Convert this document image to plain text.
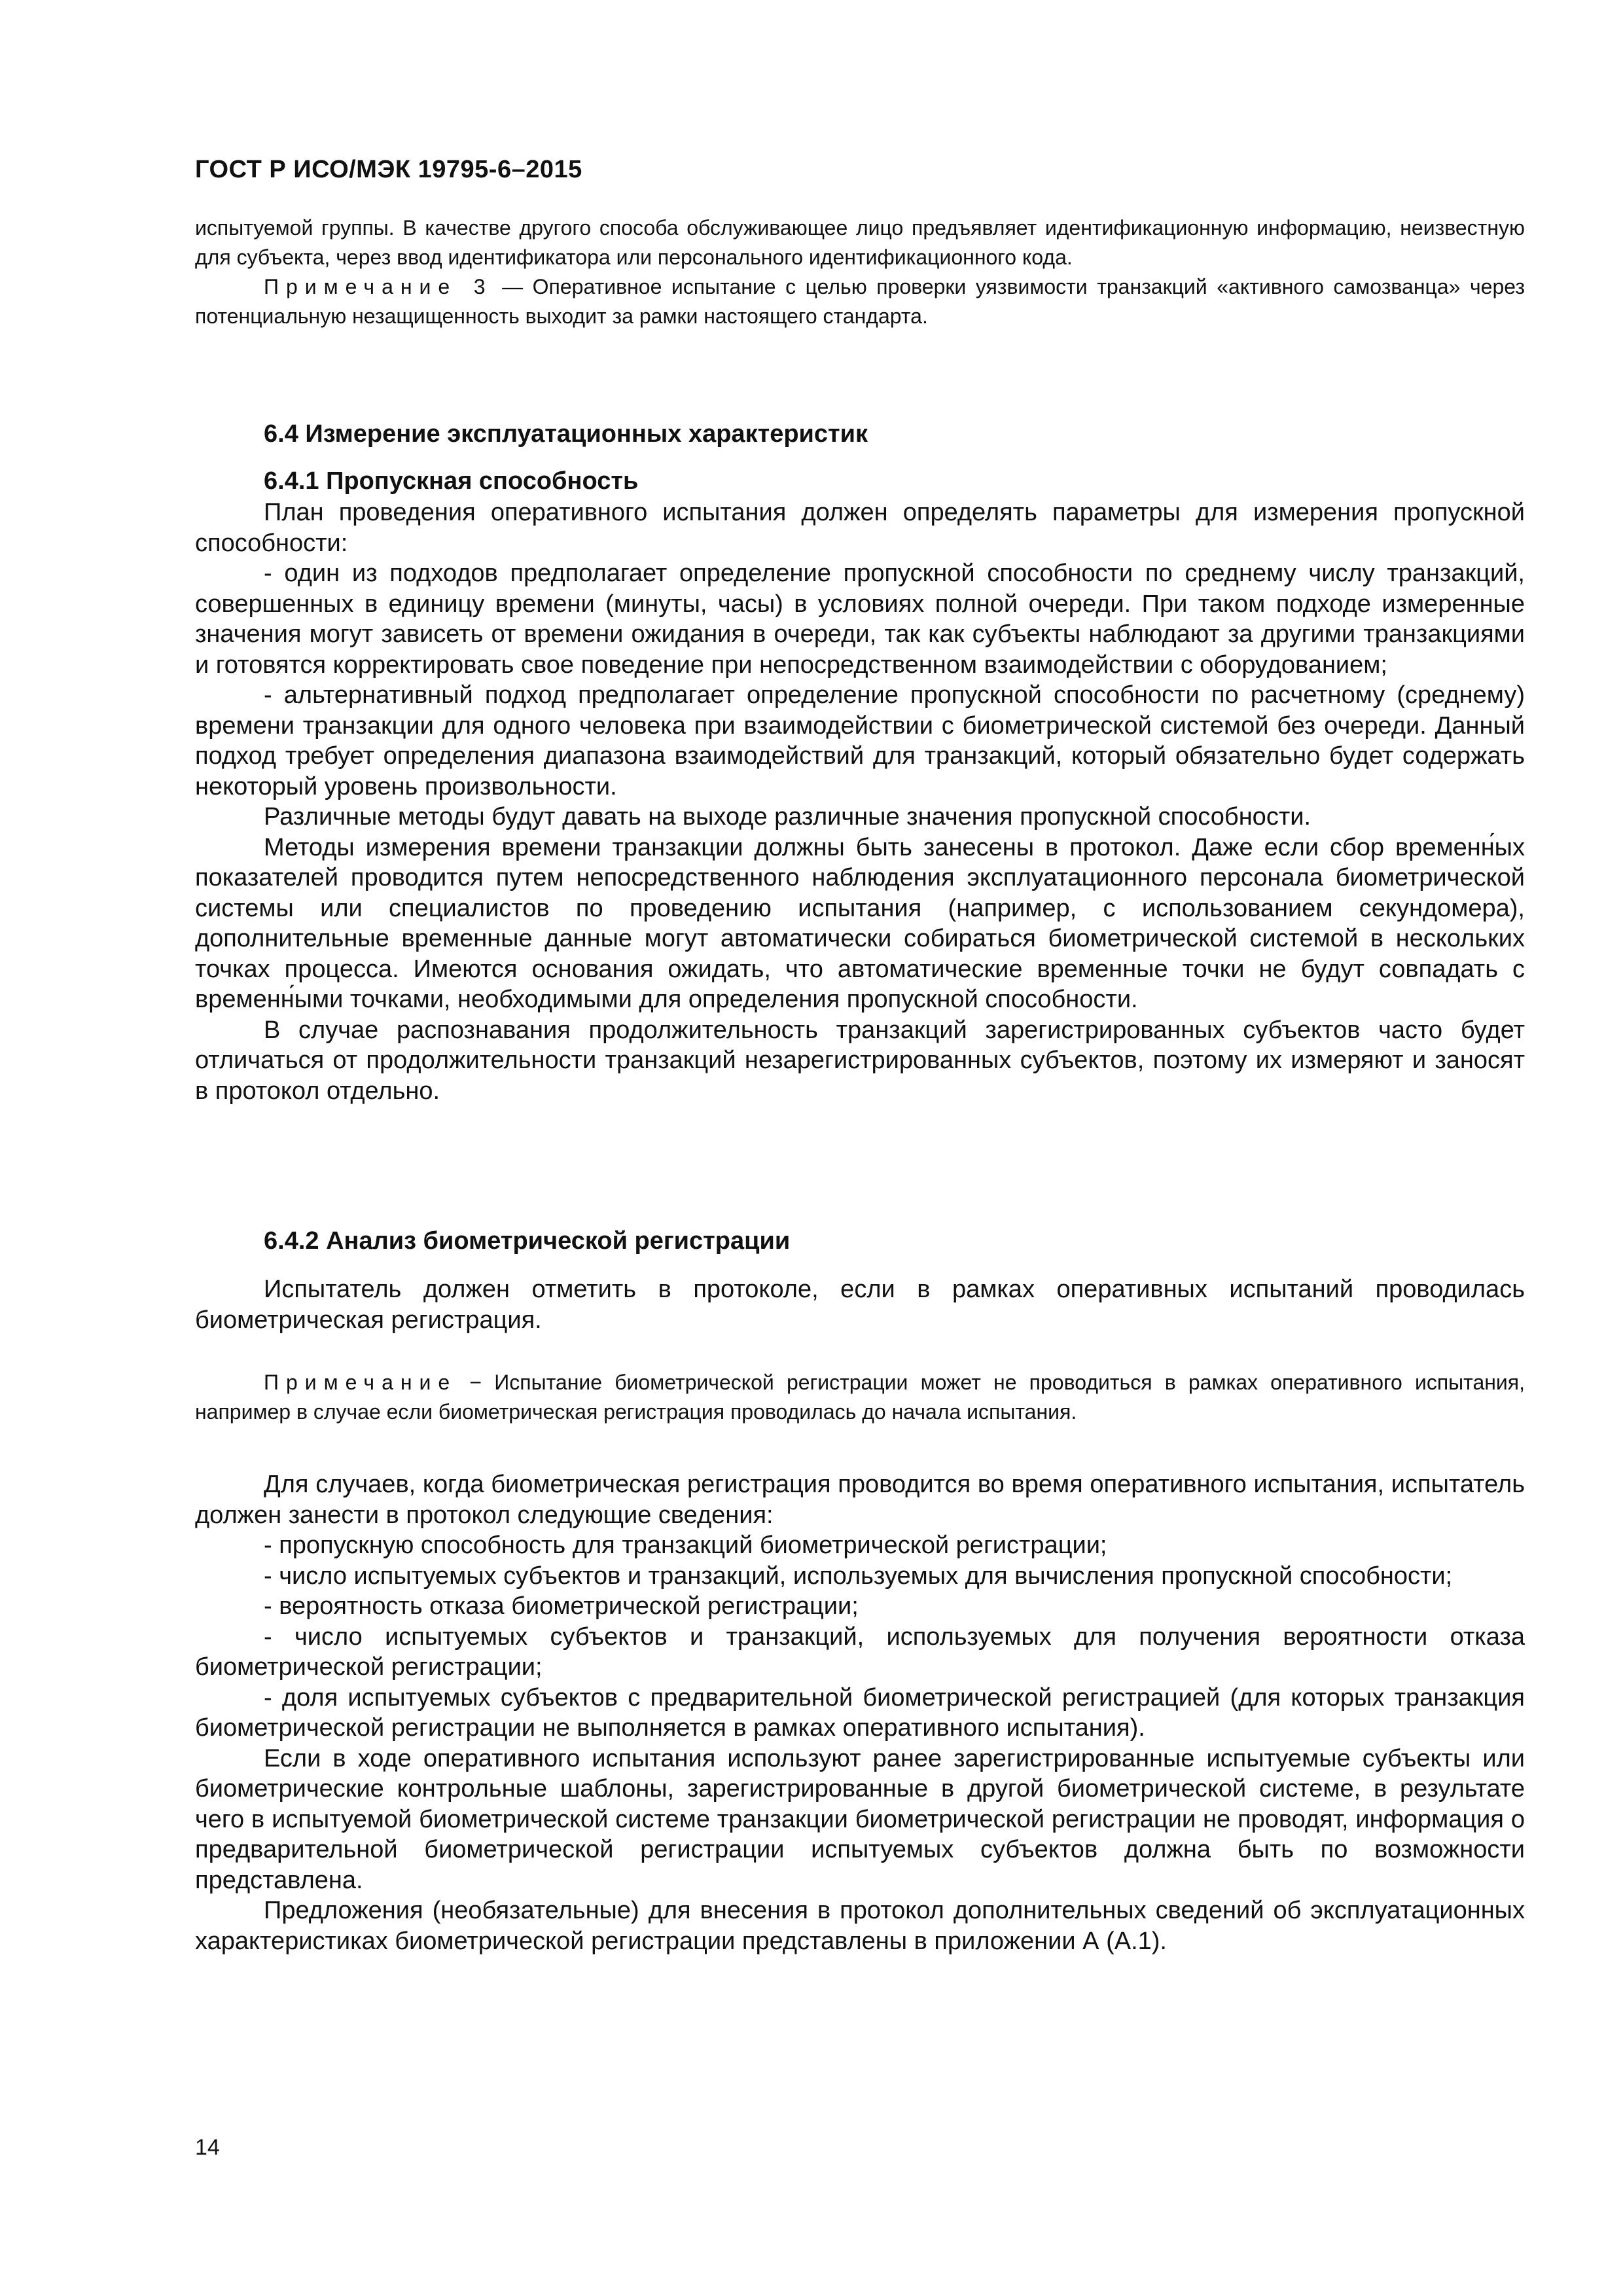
ГОСТ Р ИСО/МЭК 19795-6–2015

испытуемой группы. В качестве другого способа обслуживающее лицо предъявляет идентификационную информацию, неизвестную для субъекта, через ввод идентификатора или персонального идентификационного кода.

Примечание 3 — Оперативное испытание с целью проверки уязвимости транзакций «активного самозванца» через потенциальную незащищенность выходит за рамки настоящего стандарта.

6.4 Измерение эксплуатационных характеристик
6.4.1 Пропускная способность

План проведения оперативного испытания должен определять параметры для измерения пропускной способности:

- один из подходов предполагает определение пропускной способности по среднему числу транзакций, совершенных в единицу времени (минуты, часы) в условиях полной очереди. При таком подходе измеренные значения могут зависеть от времени ожидания в очереди, так как субъекты наблюдают за другими транзакциями и готовятся корректировать свое поведение при непосредственном взаимодействии с оборудованием;

- альтернативный подход предполагает определение пропускной способности по расчетному (среднему) времени транзакции для одного человека при взаимодействии с биометрической системой без очереди. Данный подход требует определения диапазона взаимодействий для транзакций, который обязательно будет содержать некоторый уровень произвольности.

Различные методы будут давать на выходе различные значения пропускной способности.

Методы измерения времени транзакции должны быть занесены в протокол. Даже если сбор временн́ых показателей проводится путем непосредственного наблюдения эксплуатационного персонала биометрической системы или специалистов по проведению испытания (например, с использованием секундомера), дополнительные временные данные могут автоматически собираться биометрической системой в нескольких точках процесса. Имеются основания ожидать, что автоматические временные точки не будут совпадать с временн́ыми точками, необходимыми для определения пропускной способности.

В случае распознавания продолжительность транзакций зарегистрированных субъектов часто будет отличаться от продолжительности транзакций незарегистрированных субъектов, поэтому их измеряют и заносят в протокол отдельно.

6.4.2 Анализ биометрической регистрации

Испытатель должен отметить в протоколе, если в рамках оперативных испытаний проводилась биометрическая регистрация.

Примечание − Испытание биометрической регистрации может не проводиться в рамках оперативного испытания, например в случае если биометрическая регистрация проводилась до начала испытания.

Для случаев, когда биометрическая регистрация проводится во время оперативного испытания, испытатель должен занести в протокол следующие сведения:

- пропускную способность для транзакций биометрической регистрации;

- число испытуемых субъектов и транзакций, используемых для вычисления пропускной способности;

- вероятность отказа биометрической регистрации;

- число испытуемых субъектов и транзакций, используемых для получения вероятности отказа биометрической регистрации;

- доля испытуемых субъектов с предварительной биометрической регистрацией (для которых транзакция биометрической регистрации не выполняется в рамках оперативного испытания).

Если в ходе оперативного испытания используют ранее зарегистрированные испытуемые субъекты или биометрические контрольные шаблоны, зарегистрированные в другой биометрической системе, в результате чего в испытуемой биометрической системе транзакции биометрической регистрации не проводят, информация о предварительной биометрической регистрации испытуемых субъектов должна быть по возможности представлена.

Предложения (необязательные) для внесения в протокол дополнительных сведений об эксплуатационных характеристиках биометрической регистрации представлены в приложении А (А.1).

14
